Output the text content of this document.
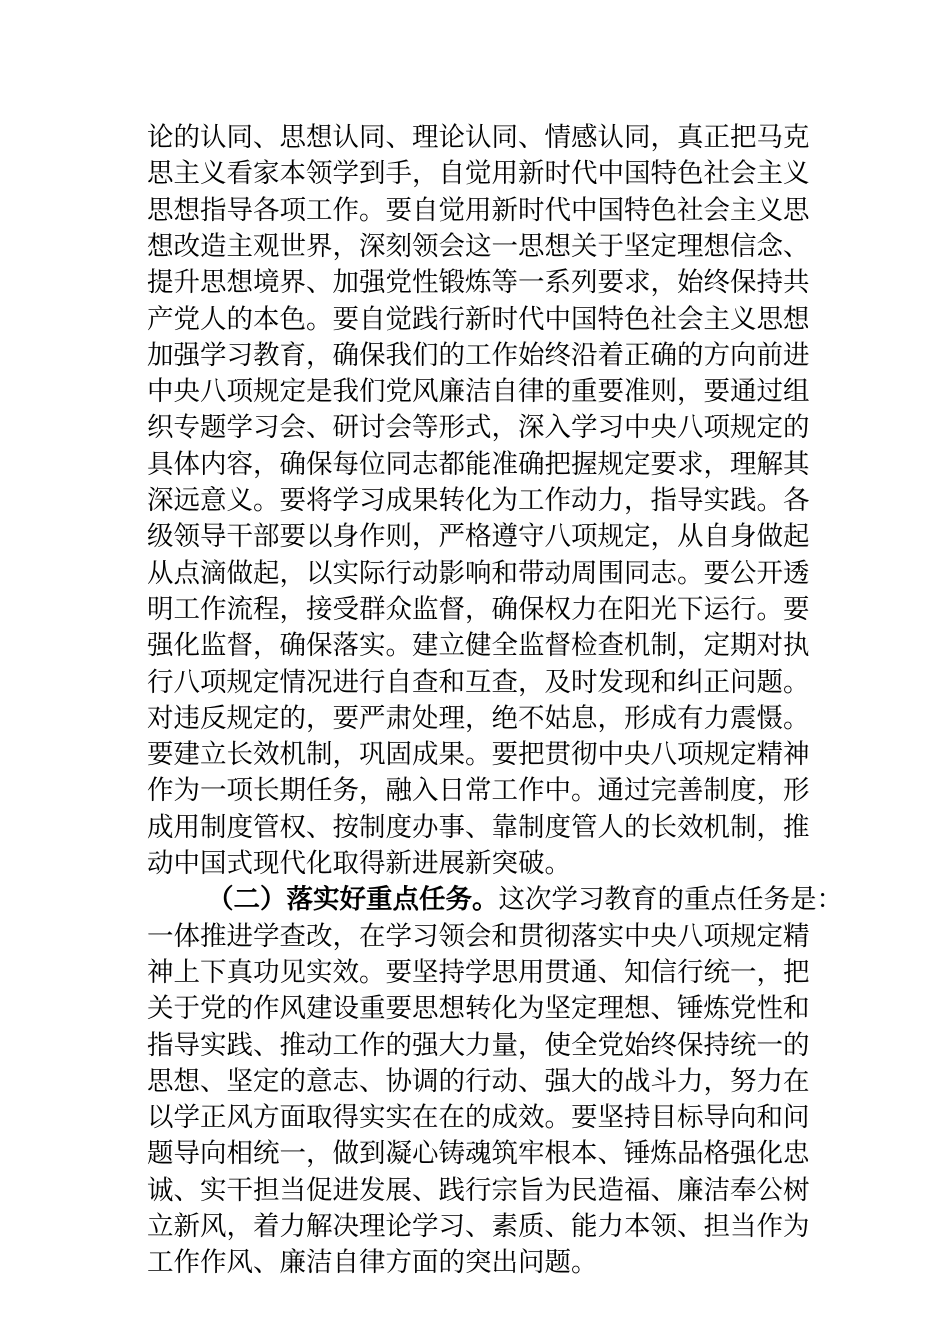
论的认同、思想认同、理论认同、情感认同，真正把马克
思主义看家本领学到手，自觉用新时代中国特色社会主义
思想指导各项工作。要自觉用新时代中国特色社会主义思
想改造主观世界，深刻领会这一思想关于坚定理想信念、
提升思想境界、加强党性锻炼等一系列要求，始终保持共
产党人的本色。要自觉践行新时代中国特色社会主义思想
加强学习教育，确保我们的工作始终沿着正确的方向前进
中央八项规定是我们党风廉洁自律的重要准则，要通过组
织专题学习会、研讨会等形式，深入学习中央八项规定的
具体内容，确保每位同志都能准确把握规定要求，理解其
深远意义。要将学习成果转化为工作动力，指导实践。各
级领导干部要以身作则，严格遵守八项规定，从自身做起
从点滴做起，以实际行动影响和带动周围同志。要公开透
明工作流程，接受群众监督，确保权力在阳光下运行。要
强化监督，确保落实。建立健全监督检查机制，定期对执
行八项规定情况进行自查和互查，及时发现和纠正问题。
对违反规定的，要严肃处理，绝不姑息，形成有力震慑。
要建立长效机制，巩固成果。要把贯彻中央八项规定精神
作为一项长期任务，融入日常工作中。通过完善制度，形
成用制度管权、按制度办事、靠制度管人的长效机制，推
动中国式现代化取得新进展新突破。
（二）落实好重点任务。这次学习教育的重点任务是：
一体推进学查改，在学习领会和贯彻落实中央八项规定精
神上下真功见实效。要坚持学思用贯通、知信行统一，把
关于党的作风建设重要思想转化为坚定理想、锤炼党性和
指导实践、推动工作的强大力量，使全党始终保持统一的
思想、坚定的意志、协调的行动、强大的战斗力，努力在
以学正风方面取得实实在在的成效。要坚持目标导向和问
题导向相统一，做到凝心铸魂筑牢根本、锤炼品格强化忠
诚、实干担当促进发展、践行宗旨为民造福、廉洁奉公树
立新风，着力解决理论学习、素质、能力本领、担当作为
工作作风、廉洁自律方面的突出问题。
